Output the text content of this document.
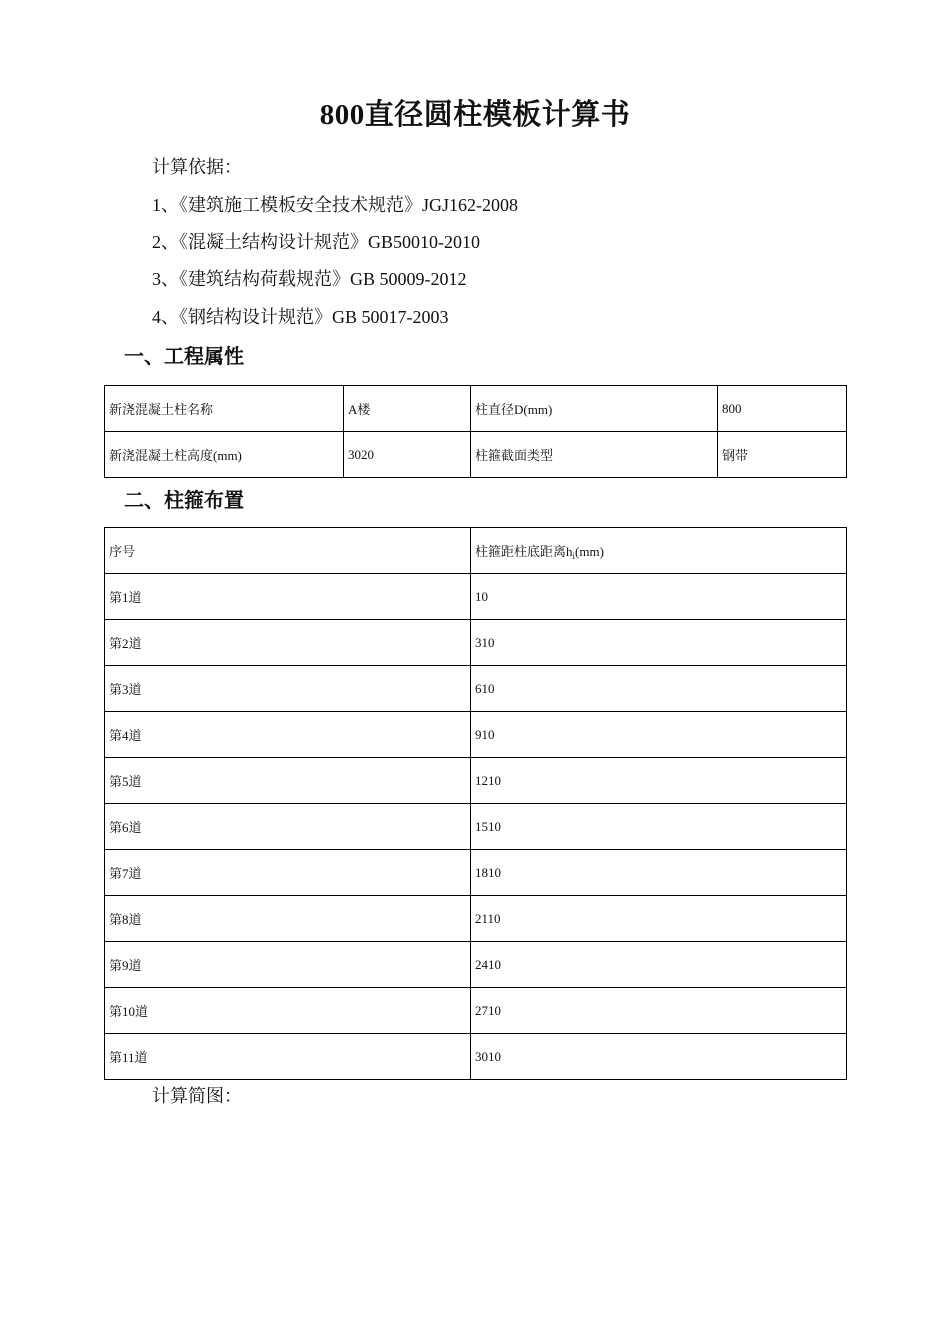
800直径圆柱模板计算书
计算依据：
1、《建筑施工模板安全技术规范》JGJ162-2008
2、《混凝土结构设计规范》GB50010-2010
3、《建筑结构荷载规范》GB 50009-2012
4、《钢结构设计规范》GB 50017-2003
一、工程属性
新浇混凝土柱名称	A楼	柱直径D(mm)	800
新浇混凝土柱高度(mm)	3020	柱箍截面类型	钢带
二、柱箍布置
序号	柱箍距柱底距离$h_i(mm)$
第1道	10
第2道	310
第3道	610
第4道	910
第5道	1210
第6道	1510
第7道	1810
第8道	2110
第9道	2410
第10道	2710
第11道	3010
计算简图：
